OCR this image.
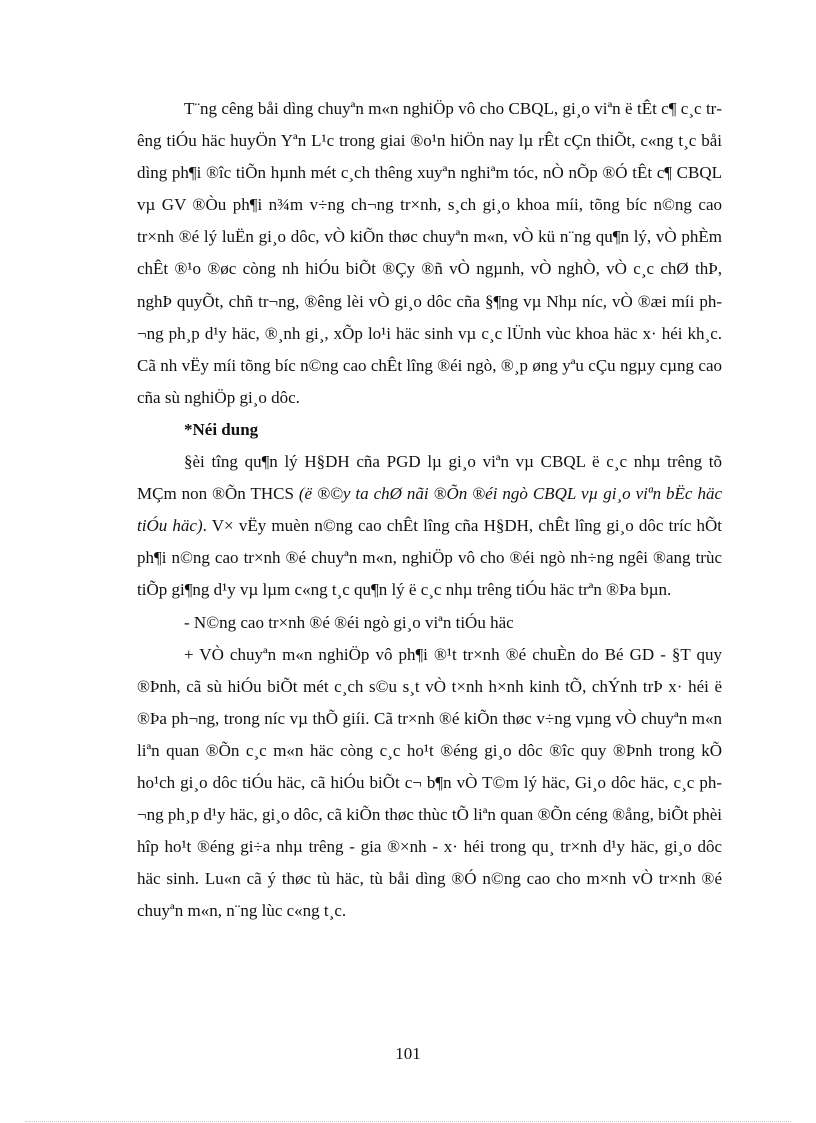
T¨ng cêng båi dìng chuyªn m«n nghiÖp vô cho CBQL, gi¸o viªn ë tÊt c¶ c¸c trêng tiÓu häc huyÖn Yªn L¹c trong giai ®o¹n hiÖn nay lµ rÊt cÇn thiÕt, c«ng t¸c båi dìng ph¶i ®îc tiÕn hµnh mét c¸ch thêng xuyªn nghiªm tóc, nÒ nÕp ®Ó tÊt c¶ CBQL vµ GV ®Òu ph¶i n¾m v÷ng ch¬ng tr×nh, s¸ch gi¸o khoa míi, tõng bíc n©ng cao tr×nh ®é lý luËn gi¸o dôc, vÒ kiÕn thøc chuyªn m«n, vÒ kü n¨ng qu¶n lý, vÒ phÈm chÊt ®¹o ®øc còng nh hiÓu biÕt ®Çy ®ñ vÒ ngµnh, vÒ nghÒ, vÒ c¸c chØ thÞ, nghÞ quyÕt, chñ tr¬ng, ®êng lèi vÒ gi¸o dôc cña §¶ng vµ Nhµ níc, vÒ ®æi míi ph¬ng ph¸p d¹y häc, ®¸nh gi¸, xÕp lo¹i häc sinh vµ c¸c lÜnh vùc khoa häc x· héi kh¸c. Cã nh vËy míi tõng bíc n©ng cao chÊt lîng ®éi ngò, ®¸p øng yªu cÇu ngµy cµng cao cña sù nghiÖp gi¸o dôc.

*Néi dung

§èi tîng qu¶n lý H§DH cña PGD lµ gi¸o viªn vµ CBQL ë c¸c nhµ trêng tõ MÇm non ®Õn THCS (ë ®©y ta chØ nãi ®Õn ®éi ngò CBQL vµ gi¸o viªn bËc häc tiÓu häc). V× vËy muèn n©ng cao chÊt lîng cña H§DH, chÊt lîng gi¸o dôc tríc hÕt ph¶i n©ng cao tr×nh ®é chuyªn m«n, nghiÖp vô cho ®éi ngò nh÷ng ngêi ®ang trùc tiÕp gi¶ng d¹y vµ lµm c«ng t¸c qu¶n lý ë c¸c nhµ trêng tiÓu häc trªn ®Þa bµn.

- N©ng cao tr×nh ®é ®éi ngò gi¸o viªn tiÓu häc

+ VÒ chuyªn m«n nghiÖp vô ph¶i ®¹t tr×nh ®é chuÈn do Bé GD - §T quy ®Þnh, cã sù hiÓu biÕt mét c¸ch s©u s¸t vÒ t×nh h×nh kinh tÕ, chÝnh trÞ x· héi ë ®Þa ph¬ng, trong níc vµ thÕ giíi. Cã tr×nh ®é kiÕn thøc v÷ng vµng vÒ chuyªn m«n liªn quan ®Õn c¸c m«n häc còng c¸c ho¹t ®éng gi¸o dôc ®îc quy ®Þnh trong kÕ ho¹ch gi¸o dôc tiÓu häc, cã hiÓu biÕt c¬ b¶n vÒ T©m lý häc, Gi¸o dôc häc, c¸c ph¬ng ph¸p d¹y häc, gi¸o dôc, cã kiÕn thøc thùc tÕ liªn quan ®Õn céng ®ång, biÕt phèi hîp ho¹t ®éng gi÷a nhµ trêng - gia ®×nh - x· héi trong qu¸ tr×nh d¹y häc, gi¸o dôc häc sinh. Lu«n cã ý thøc tù häc, tù båi dìng ®Ó n©ng cao cho m×nh vÒ tr×nh ®é chuyªn m«n, n¨ng lùc c«ng t¸c.

101
